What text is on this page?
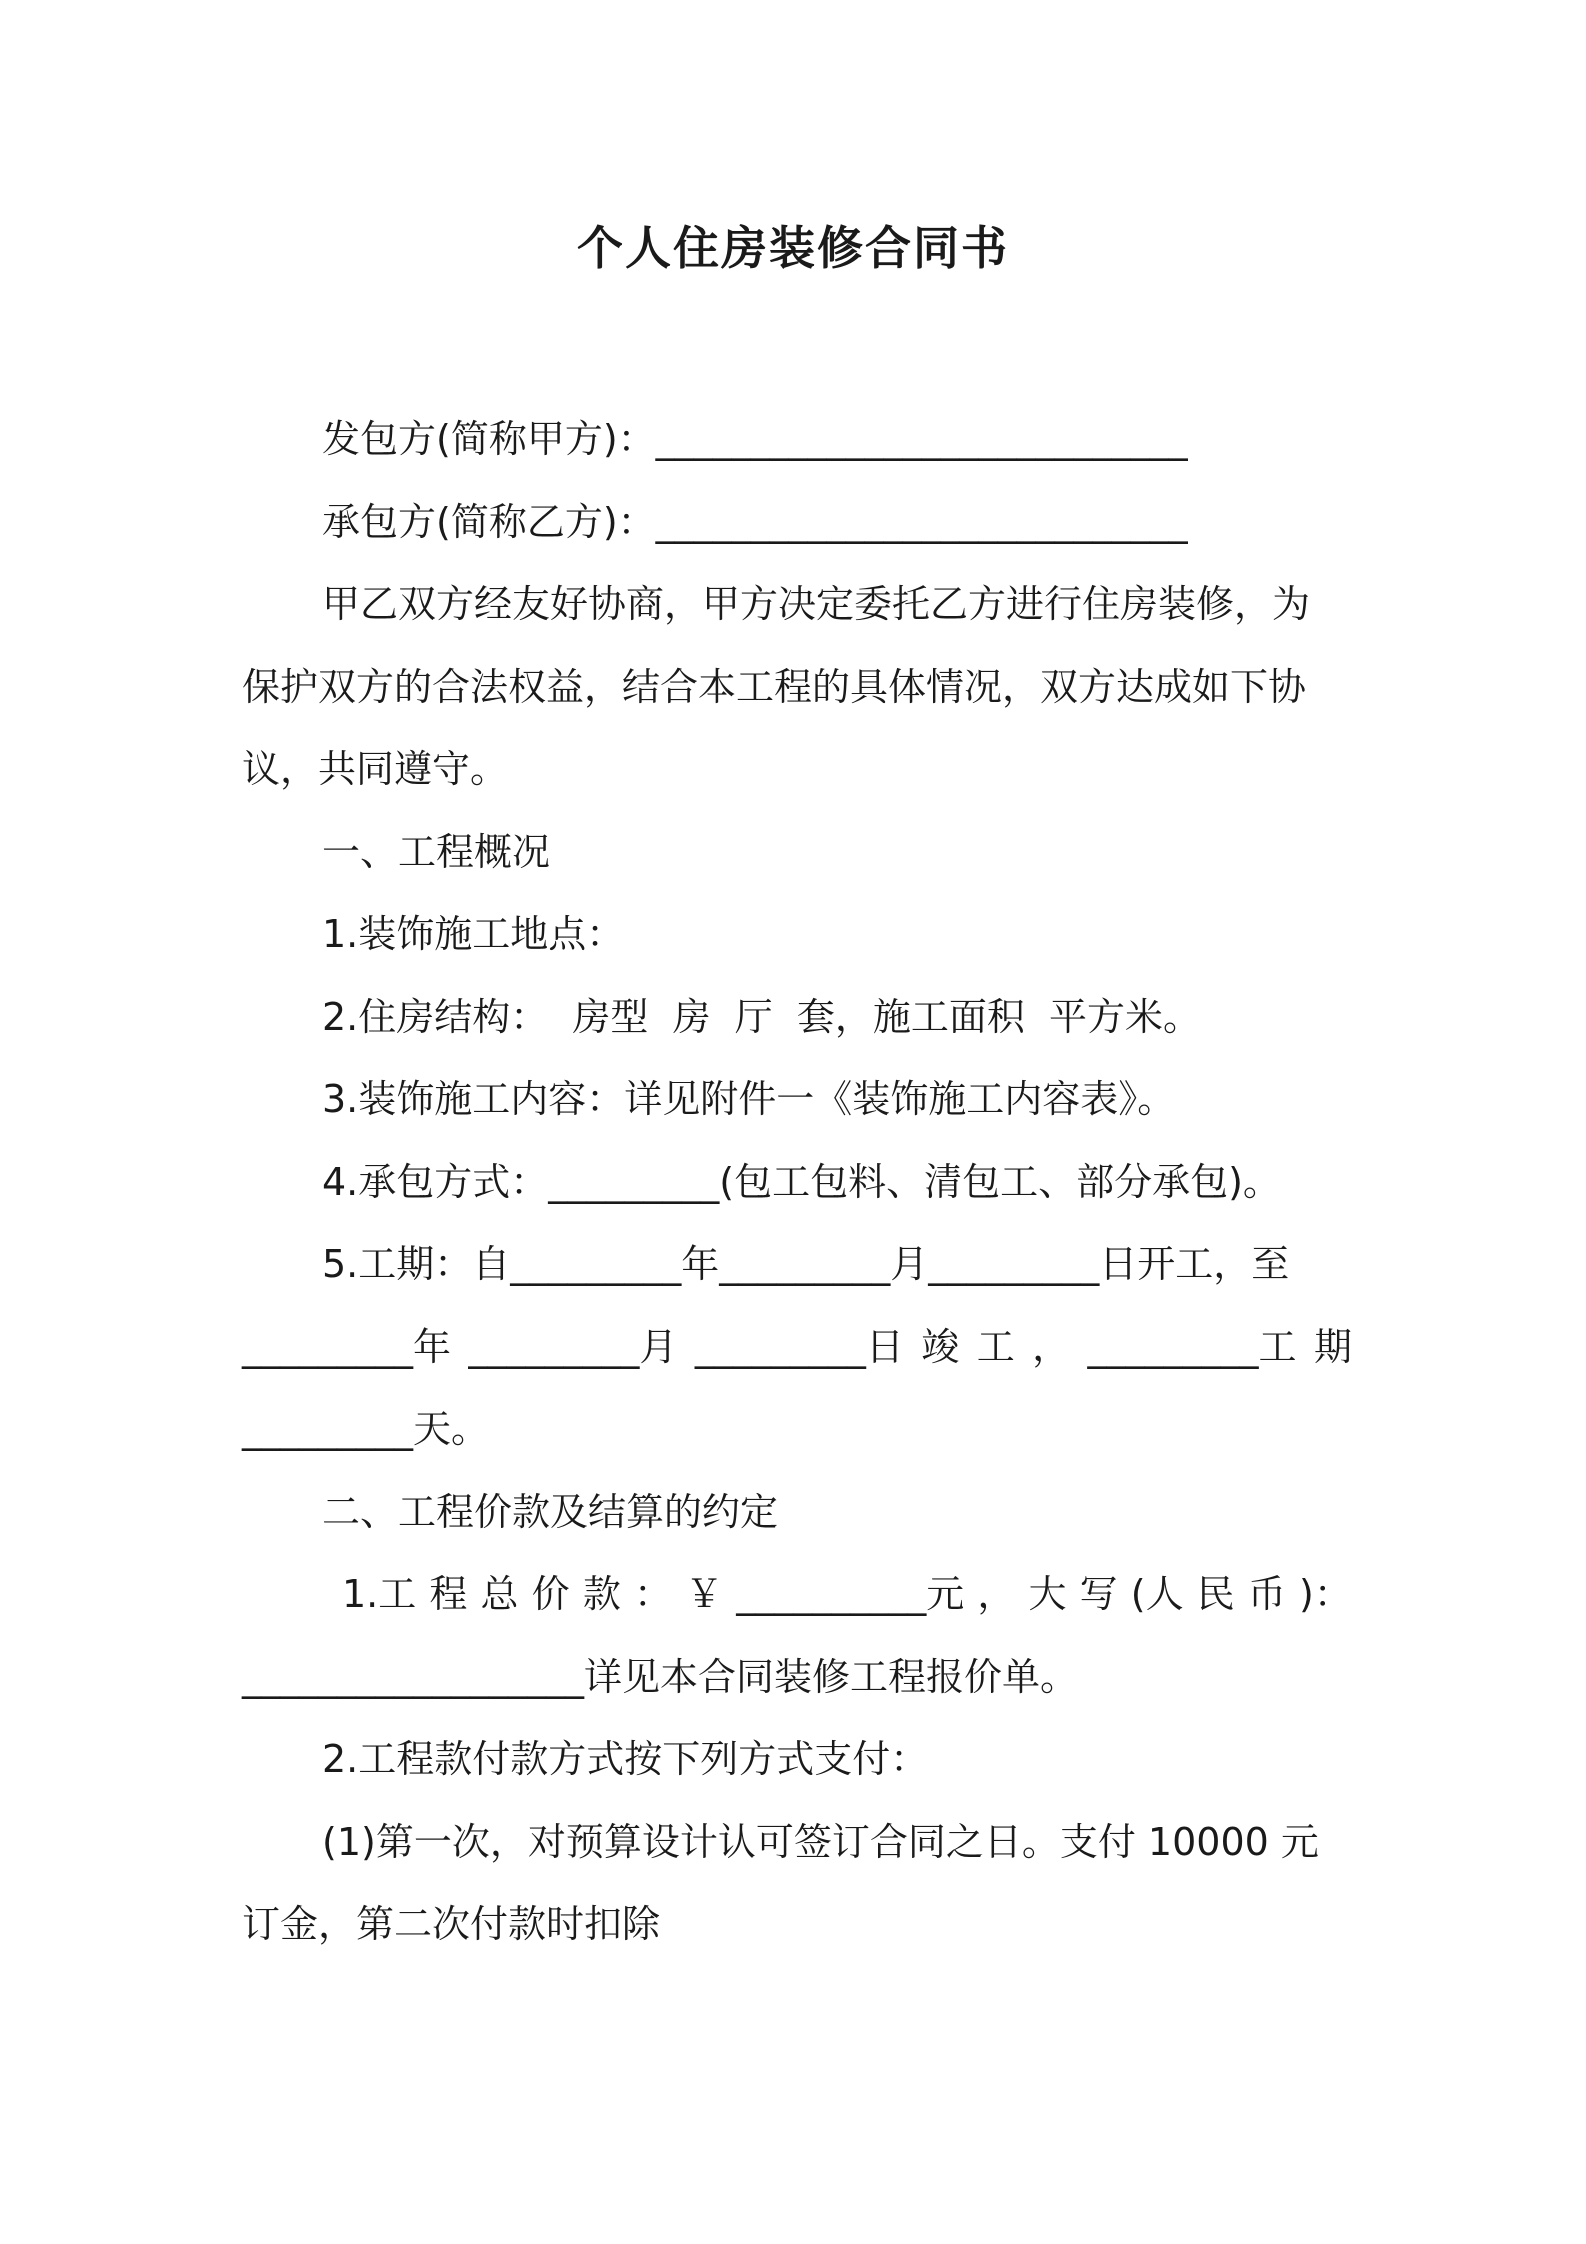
个人住房装修合同书
发包方(简称甲方)：____________________________
承包方(简称乙方)：____________________________
甲乙双方经友好协商，甲方决定委托乙方进行住房装修，为
保护双方的合法权益，结合本工程的具体情况，双方达成如下协
议，共同遵守。
一、工程概况
1.装饰施工地点：
2.住房结构：  房型  房  厅  套，施工面积  平方米。
3.装饰施工内容：详见附件一《装饰施工内容表》。
4.承包方式：_________(包工包料、清包工、部分承包)。
5.工期：自_________年_________月_________日开工，至
_________年 _________月 _________日 竣 工 ， _________工 期
_________天。
二、工程价款及结算的约定
1.工 程 总 价 款 ： ￥ __________元 ， 大 写 (人 民 币 )：
__________________详见本合同装修工程报价单。
2.工程款付款方式按下列方式支付：
(1)第一次，对预算设计认可签订合同之日。支付 10000 元
订金，第二次付款时扣除
